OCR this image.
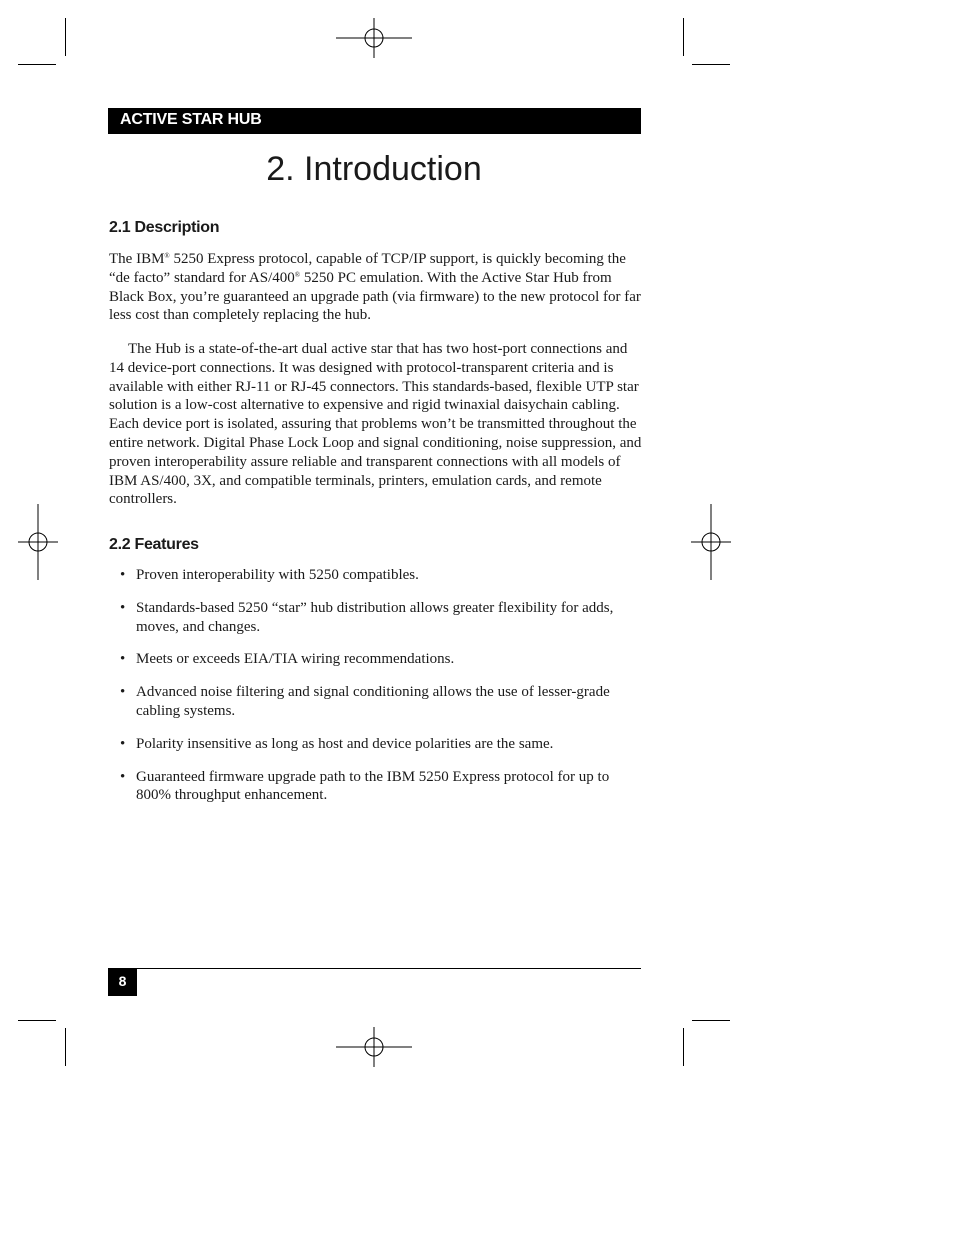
ACTIVE STAR HUB
2. Introduction
2.1 Description

The IBM® 5250 Express protocol, capable of TCP/IP support, is quickly becoming the “de facto” standard for AS/400® 5250 PC emulation. With the Active Star Hub from Black Box, you’re guaranteed an upgrade path (via firmware) to the new protocol for far less cost than completely replacing the hub.

The Hub is a state-of-the-art dual active star that has two host-port connections and 14 device-port connections. It was designed with protocol-transparent criteria and is available with either RJ-11 or RJ-45 connectors. This standards-based, flexible UTP star solution is a low-cost alternative to expensive and rigid twinaxial daisychain cabling. Each device port is isolated, assuring that problems won’t be transmitted throughout the entire network. Digital Phase Lock Loop and signal conditioning, noise suppression, and proven interoperability assure reliable and transparent connections with all models of IBM AS/400, 3X, and compatible terminals, printers, emulation cards, and remote controllers.

2.2 Features
• Proven interoperability with 5250 compatibles.
• Standards-based 5250 “star” hub distribution allows greater flexibility for adds, moves, and changes.
• Meets or exceeds EIA/TIA wiring recommendations.
• Advanced noise filtering and signal conditioning allows the use of lesser-grade cabling systems.
• Polarity insensitive as long as host and device polarities are the same.
• Guaranteed firmware upgrade path to the IBM 5250 Express protocol for up to 800% throughput enhancement.
8
